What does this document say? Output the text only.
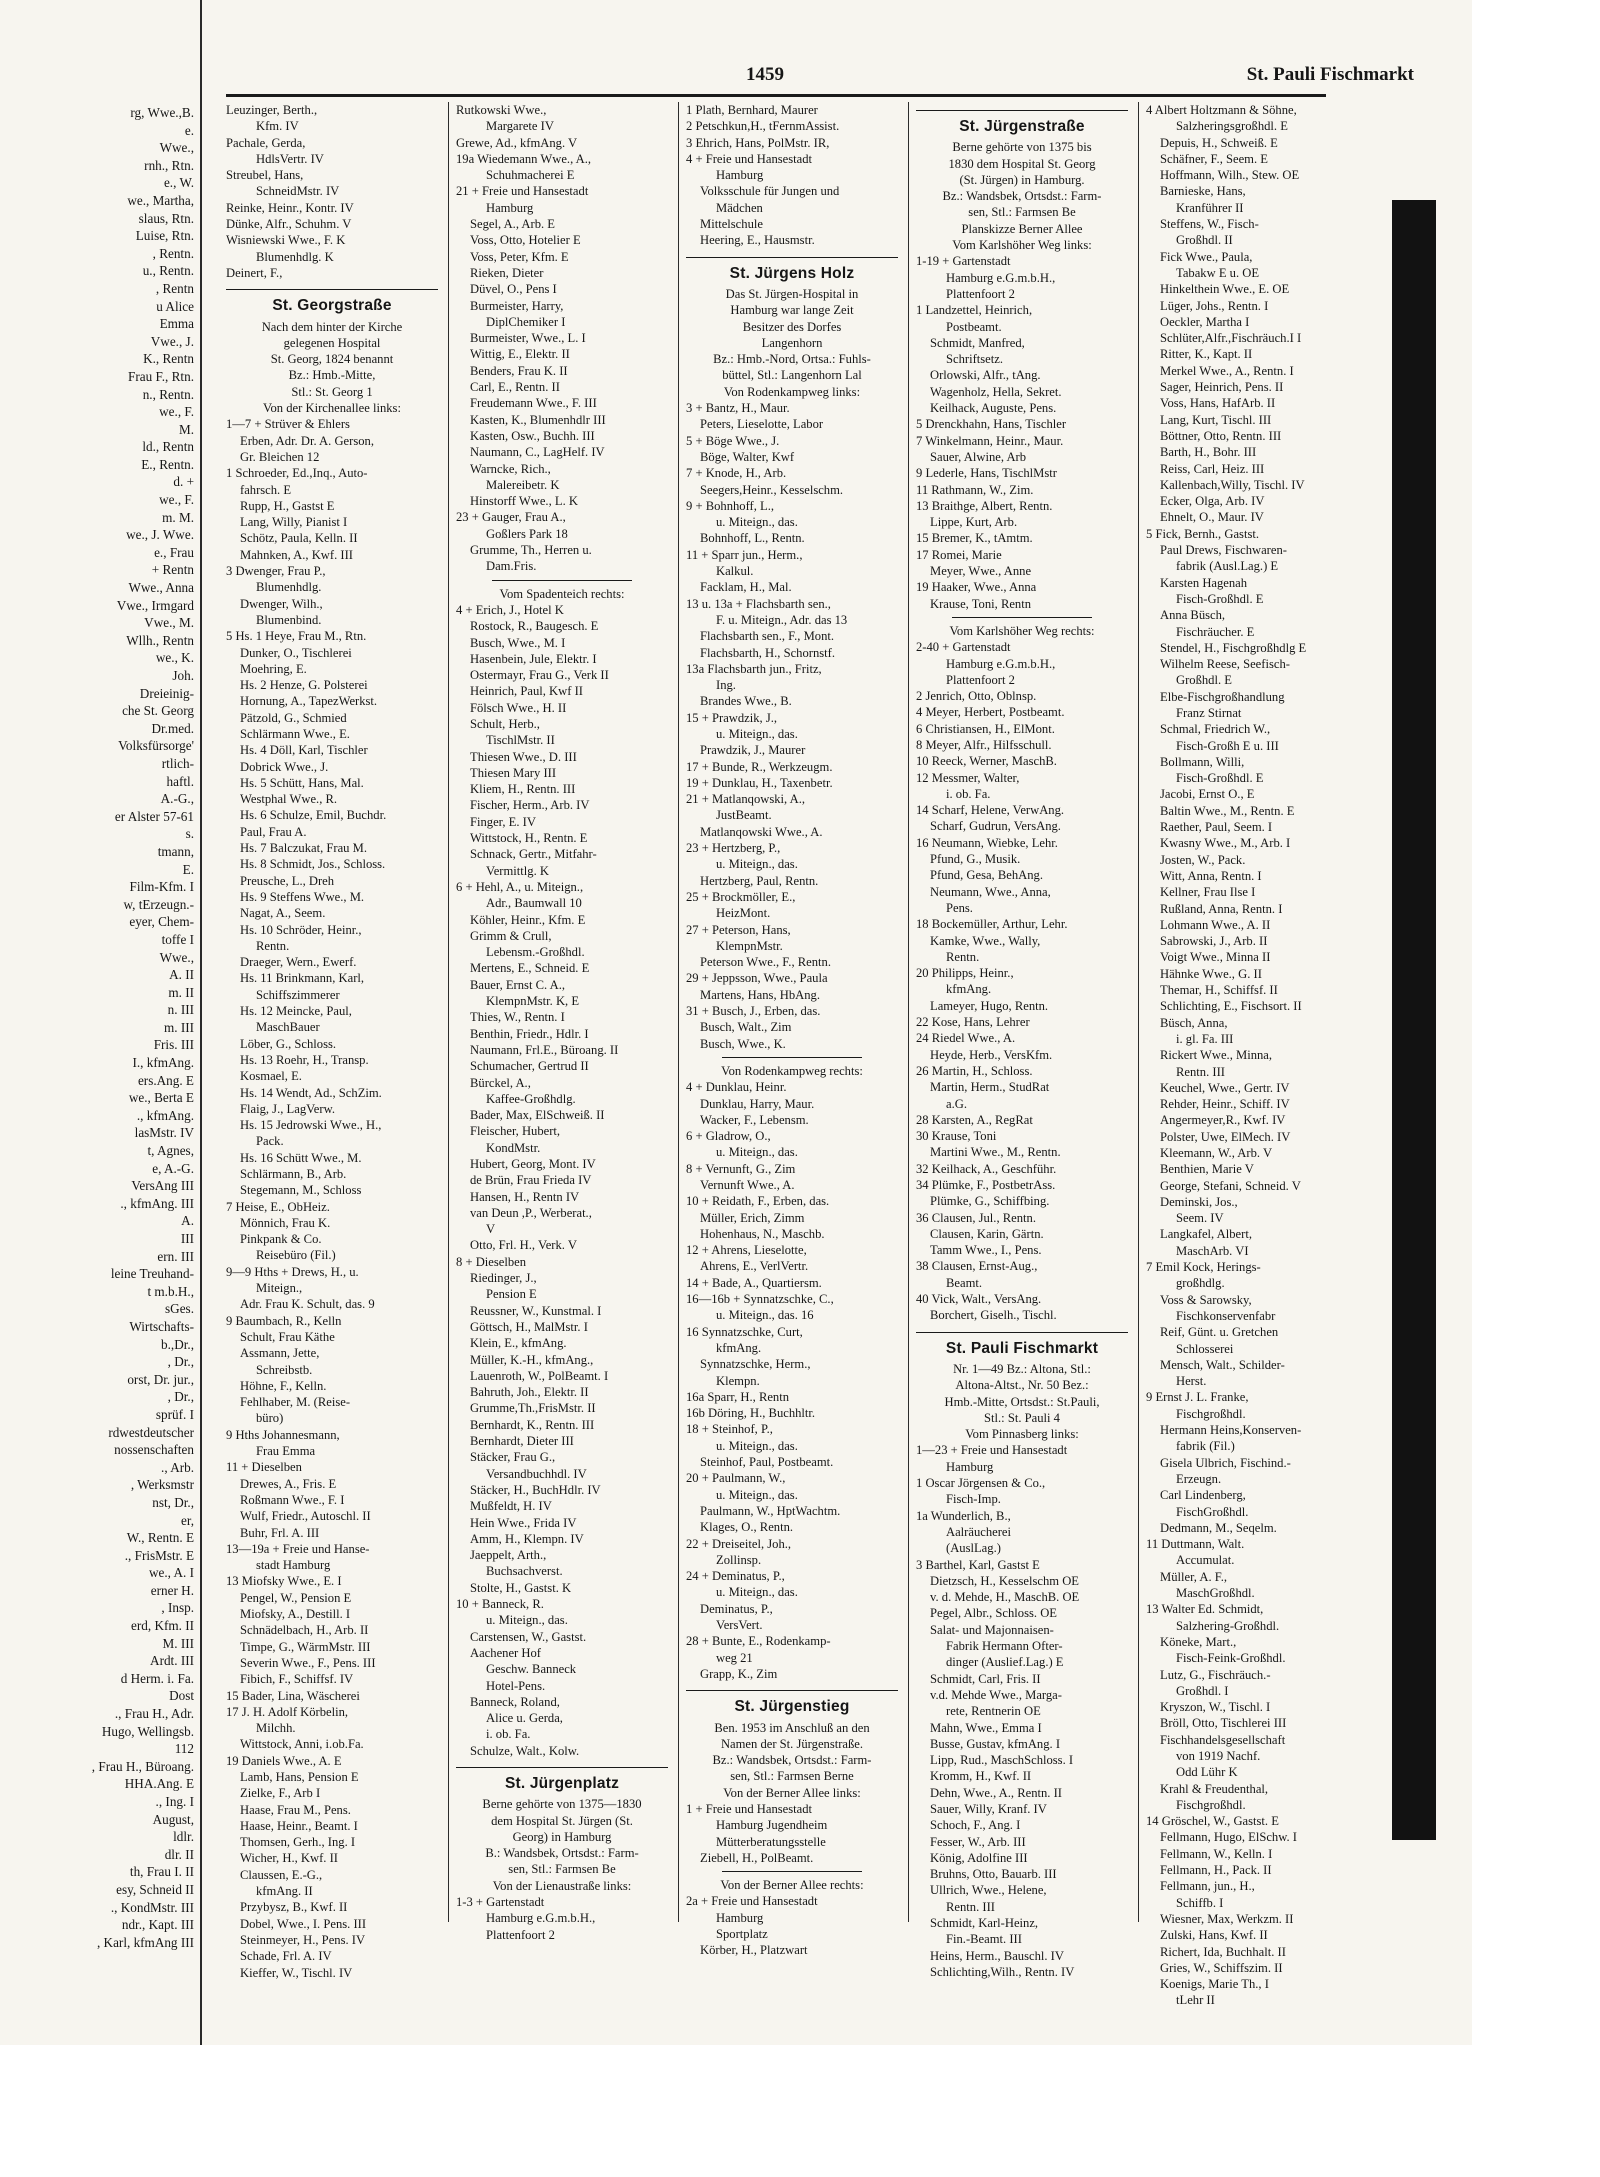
rg, Wwe.,B.
e.
Wwe.,
rnh., Rtn.
e., W.
we., Martha,
slaus, Rtn.
Luise, Rtn.
, Rentn.
u., Rentn.
, Rentn
u Alice
Emma
Vwe., J.
K., Rentn
Frau F., Rtn.
n., Rentn.
we., F.
M.
ld., Rentn
E., Rentn.
d. +
we., F.
m. M.
we., J. Wwe.
e., Frau
+ Rentn
Wwe., Anna
Vwe., Irmgard
Vwe., M.
Wllh., Rentn
we., K.
Joh.
Dreieinig-
che St. Georg
Dr.med.
Volksfürsorge'
rtlich-
haftl.
A.-G.,
er Alster 57-61
s.
tmann,
E.
Film-Kfm. I
w, tErzeugn.-
eyer, Chem-
toffe I
Wwe.,
A. II
m. II
n. III
m. III
Fris. III
I., kfmAng.
ers.Ang. E
we., Berta E
., kfmAng.
lasMstr. IV
t, Agnes,
e, A.-G.
VersAng III
., kfmAng. III
A.
III
ern. III
leine Treuhand-
t m.b.H.,
sGes.
Wirtschafts-
b.,Dr.,
, Dr.,
orst, Dr. jur.,
, Dr.,
sprüf. I
rdwestdeutscher
nossenschaften
., Arb.
, Werksmstr
nst, Dr.,
er,
W., Rentn. E
., FrisMstr. E
we., A. I
erner H.
, Insp.
erd, Kfm. II
M. III
Ardt. III
d Herm. i. Fa.
Dost
., Frau H., Adr.
Hugo, Wellingsb.
112
, Frau H., Büroang.
HHA.Ang. E
., Ing. I
August,
ldlr.
dlr. II
th, Frau I. II
esy, Schneid II
., KondMstr. III
ndr., Kapt. III
, Karl, kfmAng III
1459	St. Pauli Fischmarkt
Leuzinger, Berth.,
Kfm. IV
Pachale, Gerda,
HdlsVertr. IV
Streubel, Hans,
SchneidMstr. IV
Reinke, Heinr., Kontr. IV
Dünke, Alfr., Schuhm. V
Wisniewski Wwe., F. K
Blumenhdlg. K
Deinert, F.,
St. Georgstraße
Nach dem hinter der Kirche
gelegenen Hospital
St. Georg, 1824 benannt
Bz.: Hmb.-Mitte,
Stl.: St. Georg 1
Von der Kirchenallee links:
1—7 + Strüver & Ehlers
Erben, Adr. Dr. A. Gerson,
Gr. Bleichen 12
1 Schroeder, Ed.,Inq., Auto-
fahrsch. E
Rupp, H., Gastst E
Lang, Willy, Pianist I
Schötz, Paula, Kelln. II
Mahnken, A., Kwf. III
3 Dwenger, Frau P.,
Blumenhdlg.
Dwenger, Wilh.,
Blumenbind.
5 Hs. 1 Heye, Frau M., Rtn.
Dunker, O., Tischlerei
Moehring, E.
Hs. 2 Henze, G. Polsterei
Hornung, A., TapezWerkst.
Pätzold, G., Schmied
Schlärmann Wwe., E.
Hs. 4 Döll, Karl, Tischler
Dobrick Wwe., J.
Hs. 5 Schütt, Hans, Mal.
Westphal Wwe., R.
Hs. 6 Schulze, Emil, Buchdr.
Paul, Frau A.
Hs. 7 Balczukat, Frau M.
Hs. 8 Schmidt, Jos., Schloss.
Preusche, L., Dreh
Hs. 9 Steffens Wwe., M.
Nagat, A., Seem.
Hs. 10 Schröder, Heinr.,
Rentn.
Draeger, Wern., Ewerf.
Hs. 11 Brinkmann, Karl,
Schiffszimmerer
Hs. 12 Meincke, Paul,
MaschBauer
Löber, G., Schloss.
Hs. 13 Roehr, H., Transp.
Kosmael, E.
Hs. 14 Wendt, Ad., SchZim.
Flaig, J., LagVerw.
Hs. 15 Jedrowski Wwe., H.,
Pack.
Hs. 16 Schütt Wwe., M.
Schlärmann, B., Arb.
Stegemann, M., Schloss
7 Heise, E., ObHeiz.
Mönnich, Frau K.
Pinkpank & Co.
Reisebüro (Fil.)
9—9 Hths + Drews, H., u.
Miteign.,
Adr. Frau K. Schult, das. 9
9 Baumbach, R., Kelln
Schult, Frau Käthe
Assmann, Jette,
Schreibstb.
Höhne, F., Kelln.
Fehlhaber, M. (Reise-
büro)
9 Hths Johannesmann,
Frau Emma
11 + Dieselben
Drewes, A., Fris. E
Roßmann Wwe., F. I
Wulf, Friedr., Autoschl. II
Buhr, Frl. A. III
13—19a + Freie und Hanse-
stadt Hamburg
13 Miofsky Wwe., E. I
Pengel, W., Pension E
Miofsky, A., Destill. I
Schnädelbach, H., Arb. II
Timpe, G., WärmMstr. III
Severin Wwe., F., Pens. III
Fibich, F., Schiffsf. IV
15 Bader, Lina, Wäscherei
17 J. H. Adolf Körbelin,
Milchh.
Wittstock, Anni, i.ob.Fa.
19 Daniels Wwe., A. E
Lamb, Hans, Pension E
Zielke, F., Arb I
Haase, Frau M., Pens.
Haase, Heinr., Beamt. I
Thomsen, Gerh., Ing. I
Wicher, H., Kwf. II
Claussen, E.-G.,
kfmAng. II
Przybysz, B., Kwf. II
Dobel, Wwe., I. Pens. III
Steinmeyer, H., Pens. IV
Schade, Frl. A. IV
Kieffer, W., Tischl. IV
Rutkowski Wwe.,
Margarete IV
Grewe, Ad., kfmAng. V
19a Wiedemann Wwe., A.,
Schuhmacherei E
21 + Freie und Hansestadt
Hamburg
Segel, A., Arb. E
Voss, Otto, Hotelier E
Voss, Peter, Kfm. E
Rieken, Dieter
Düvel, O., Pens I
Burmeister, Harry,
DiplChemiker I
Burmeister, Wwe., L. I
Wittig, E., Elektr. II
Benders, Frau K. II
Carl, E., Rentn. II
Freudemann Wwe., F. III
Kasten, K., Blumenhdlr III
Kasten, Osw., Buchh. III
Naumann, C., LagHelf. IV
Warncke, Rich.,
Malereibetr. K
Hinstorff Wwe., L. K
23 + Gauger, Frau A.,
Goßlers Park 18
Grumme, Th., Herren u.
Dam.Fris.
Vom Spadenteich rechts:
4 + Erich, J., Hotel K
Rostock, R., Baugesch. E
Busch, Wwe., M. I
Hasenbein, Jule, Elektr. I
Ostermayr, Frau G., Verk II
Heinrich, Paul, Kwf II
Fölsch Wwe., H. II
Schult, Herb.,
TischlMstr. II
Thiesen Wwe., D. III
Thiesen Mary III
Kliem, H., Rentn. III
Fischer, Herm., Arb. IV
Finger, E. IV
Wittstock, H., Rentn. E
Schnack, Gertr., Mitfahr-
Vermittlg. K
6 + Hehl, A., u. Miteign.,
Adr., Baumwall 10
Köhler, Heinr., Kfm. E
Grimm & Crull,
Lebensm.-Großhdl.
Mertens, E., Schneid. E
Bauer, Ernst C. A.,
KlempnMstr. K, E
Thies, W., Rentn. I
Benthin, Friedr., Hdlr. I
Naumann, Frl.E., Büroang. II
Schumacher, Gertrud II
Bürckel, A.,
Kaffee-Großhdlg.
Bader, Max, ElSchweiß. II
Fleischer, Hubert,
KondMstr.
Hubert, Georg, Mont. IV
de Brün, Frau Frieda IV
Hansen, H., Rentn IV
van Deun ,P., Werberat.,
V
Otto, Frl. H., Verk. V
8 + Dieselben
Riedinger, J.,
Pension E
Reussner, W., Kunstmal. I
Göttsch, H., MalMstr. I
Klein, E., kfmAng.
Müller, K.-H., kfmAng.,
Lauenroth, W., PolBeamt. I
Bahruth, Joh., Elektr. II
Grumme,Th.,FrisMstr. II
Bernhardt, K., Rentn. III
Bernhardt, Dieter III
Stäcker, Frau G.,
Versandbuchhdl. IV
Stäcker, H., BuchHdlr. IV
Mußfeldt, H. IV
Hein Wwe., Frida IV
Amm, H., Klempn. IV
Jaeppelt, Arth.,
Buchsachverst.
Stolte, H., Gastst. K
10 + Banneck, R.
u. Miteign., das.
Carstensen, W., Gastst.
Aachener Hof
Geschw. Banneck
Hotel-Pens.
Banneck, Roland,
Alice u. Gerda,
i. ob. Fa.
Schulze, Walt., Kolw.
St. Jürgenplatz
Berne gehörte von 1375—1830
dem Hospital St. Jürgen (St.
Georg) in Hamburg
B.: Wandsbek, Ortsdst.: Farm-
sen, Stl.: Farmsen Be
Von der Lienaustraße links:
1-3 + Gartenstadt
Hamburg e.G.m.b.H.,
Plattenfoort 2
1 Plath, Bernhard, Maurer
2 Petschkun,H., tFernmAssist.
3 Ehrich, Hans, PolMstr. IR,
4 + Freie und Hansestadt
Hamburg
Volksschule für Jungen und
Mädchen
Mittelschule
Heering, E., Hausmstr.
St. Jürgens Holz
Das St. Jürgen-Hospital in
Hamburg war lange Zeit
Besitzer des Dorfes
Langenhorn
Bz.: Hmb.-Nord, Ortsa.: Fuhls-
büttel, Stl.: Langenhorn Lal
Von Rodenkampweg links:
3 + Bantz, H., Maur.
Peters, Lieselotte, Labor
5 + Böge Wwe., J.
Böge, Walter, Kwf
7 + Knode, H., Arb.
Seegers,Heinr., Kesselschm.
9 + Bohnhoff, L.,
u. Miteign., das.
Bohnhoff, L., Rentn.
11 + Sparr jun., Herm.,
Kalkul.
Facklam, H., Mal.
13 u. 13a + Flachsbarth sen.,
F. u. Miteign., Adr. das 13
Flachsbarth sen., F., Mont.
Flachsbarth, H., Schornstf.
13a Flachsbarth jun., Fritz,
Ing.
Brandes Wwe., B.
15 + Prawdzik, J.,
u. Miteign., das.
Prawdzik, J., Maurer
17 + Bunde, R., Werkzeugm.
19 + Dunklau, H., Taxenbetr.
21 + Matlanqowski, A.,
JustBeamt.
Matlanqowski Wwe., A.
23 + Hertzberg, P.,
u. Miteign., das.
Hertzberg, Paul, Rentn.
25 + Brockmöller, E.,
HeizMont.
27 + Peterson, Hans,
KlempnMstr.
Peterson Wwe., F., Rentn.
29 + Jeppsson, Wwe., Paula
Martens, Hans, HbAng.
31 + Busch, J., Erben, das.
Busch, Walt., Zim
Busch, Wwe., K.
Von Rodenkampweg rechts:
4 + Dunklau, Heinr.
Dunklau, Harry, Maur.
Wacker, F., Lebensm.
6 + Gladrow, O.,
u. Miteign., das.
8 + Vernunft, G., Zim
Vernunft Wwe., A.
10 + Reidath, F., Erben, das.
Müller, Erich, Zimm
Hohenhaus, N., Maschb.
12 + Ahrens, Lieselotte,
Ahrens, E., VerlVertr.
14 + Bade, A., Quartiersm.
16—16b + Synnatzschke, C.,
u. Miteign., das. 16
16 Synnatzschke, Curt,
kfmAng.
Synnatzschke, Herm.,
Klempn.
16a Sparr, H., Rentn
16b Döring, H., Buchhltr.
18 + Steinhof, P.,
u. Miteign., das.
Steinhof, Paul, Postbeamt.
20 + Paulmann, W.,
u. Miteign., das.
Paulmann, W., HptWachtm.
Klages, O., Rentn.
22 + Dreiseitel, Joh.,
Zollinsp.
24 + Deminatus, P.,
u. Miteign., das.
Deminatus, P.,
VersVert.
28 + Bunte, E., Rodenkamp-
weg 21
Grapp, K., Zim
St. Jürgenstieg
Ben. 1953 im Anschluß an den
Namen der St. Jürgenstraße.
Bz.: Wandsbek, Ortsdst.: Farm-
sen, Stl.: Farmsen Berne
Von der Berner Allee links:
1 + Freie und Hansestadt
Hamburg Jugendheim
Mütterberatungsstelle
Ziebell, H., PolBeamt.
Von der Berner Allee rechts:
2a + Freie und Hansestadt
Hamburg
Sportplatz
Körber, H., Platzwart
St. Jürgenstraße
Berne gehörte von 1375 bis
1830 dem Hospital St. Georg
(St. Jürgen) in Hamburg.
Bz.: Wandsbek, Ortsdst.: Farm-
sen, Stl.: Farmsen Be
Planskizze Berner Allee
Vom Karlshöher Weg links:
1-19 + Gartenstadt
Hamburg e.G.m.b.H.,
Plattenfoort 2
1 Landzettel, Heinrich,
Postbeamt.
Schmidt, Manfred,
Schriftsetz.
Orlowski, Alfr., tAng.
Wagenholz, Hella, Sekret.
Keilhack, Auguste, Pens.
5 Drenckhahn, Hans, Tischler
7 Winkelmann, Heinr., Maur.
Sauer, Alwine, Arb
9 Lederle, Hans, TischlMstr
11 Rathmann, W., Zim.
13 Braithge, Albert, Rentn.
Lippe, Kurt, Arb.
15 Bremer, K., tAmtm.
17 Romei, Marie
Meyer, Wwe., Anne
19 Haaker, Wwe., Anna
Krause, Toni, Rentn
Vom Karlshöher Weg rechts:
2-40 + Gartenstadt
Hamburg e.G.m.b.H.,
Plattenfoort 2
2 Jenrich, Otto, Oblnsp.
4 Meyer, Herbert, Postbeamt.
6 Christiansen, H., ElMont.
8 Meyer, Alfr., Hilfsschull.
10 Reeck, Werner, MaschB.
12 Messmer, Walter,
i. ob. Fa.
14 Scharf, Helene, VerwAng.
Scharf, Gudrun, VersAng.
16 Neumann, Wiebke, Lehr.
Pfund, G., Musik.
Pfund, Gesa, BehAng.
Neumann, Wwe., Anna,
Pens.
18 Bockemüller, Arthur, Lehr.
Kamke, Wwe., Wally,
Rentn.
20 Philipps, Heinr.,
kfmAng.
Lameyer, Hugo, Rentn.
22 Kose, Hans, Lehrer
24 Riedel Wwe., A.
Heyde, Herb., VersKfm.
26 Martin, H., Schloss.
Martin, Herm., StudRat
a.G.
28 Karsten, A., RegRat
30 Krause, Toni
Martini Wwe., M., Rentn.
32 Keilhack, A., Geschführ.
34 Plümke, F., PostbetrAss.
Plümke, G., Schiffbing.
36 Clausen, Jul., Rentn.
Clausen, Karin, Gärtn.
Tamm Wwe., I., Pens.
38 Clausen, Ernst-Aug.,
Beamt.
40 Vick, Walt., VersAng.
Borchert, Giselh., Tischl.
St. Pauli Fischmarkt
Nr. 1—49 Bz.: Altona, Stl.:
Altona-Altst., Nr. 50 Bez.:
Hmb.-Mitte, Ortsdst.: St.Pauli,
Stl.: St. Pauli 4
Vom Pinnasberg links:
1—23 + Freie und Hansestadt
Hamburg
1 Oscar Jörgensen & Co.,
Fisch-Imp.
1a Wunderlich, B.,
Aalräucherei
(AuslLag.)
3 Barthel, Karl, Gastst E
Dietzsch, H., Kesselschm OE
v. d. Mehde, H., MaschB. OE
Pegel, Albr., Schloss. OE
Salat- und Majonnaisen-
Fabrik Hermann Ofter-
dinger (Auslief.Lag.) E
Schmidt, Carl, Fris. II
v.d. Mehde Wwe., Marga-
rete, Rentnerin OE
Mahn, Wwe., Emma I
Busse, Gustav, kfmAng. I
Lipp, Rud., MaschSchloss. I
Kromm, H., Kwf. II
Dehn, Wwe., A., Rentn. II
Sauer, Willy, Kranf. IV
Schoch, F., Ang. I
Fesser, W., Arb. III
König, Adolfine III
Bruhns, Otto, Bauarb. III
Ullrich, Wwe., Helene,
Rentn. III
Schmidt, Karl-Heinz,
Fin.-Beamt. III
Heins, Herm., Bauschl. IV
Schlichting,Wilh., Rentn. IV
4 Albert Holtzmann & Söhne,
Salzheringsgroßhdl. E
Depuis, H., Schweiß. E
Schäfner, F., Seem. E
Hoffmann, Wilh., Stew. OE
Barnieske, Hans,
Kranführer II
Steffens, W., Fisch-
Großhdl. II
Fick Wwe., Paula,
Tabakw E u. OE
Hinkelthein Wwe., E. OE
Lüger, Johs., Rentn. I
Oeckler, Martha I
Schlüter,Alfr.,Fischräuch.I I
Ritter, K., Kapt. II
Merkel Wwe., A., Rentn. I
Sager, Heinrich, Pens. II
Voss, Hans, HafArb. II
Lang, Kurt, Tischl. III
Böttner, Otto, Rentn. III
Barth, H., Bohr. III
Reiss, Carl, Heiz. III
Kallenbach,Willy, Tischl. IV
Ecker, Olga, Arb. IV
Ehnelt, O., Maur. IV
5 Fick, Bernh., Gastst.
Paul Drews, Fischwaren-
fabrik (Ausl.Lag.) E
Karsten Hagenah
Fisch-Großhdl. E
Anna Büsch,
Fischräucher. E
Stendel, H., Fischgroßhdlg E
Wilhelm Reese, Seefisch-
Großhdl. E
Elbe-Fischgroßhandlung
Franz Stirnat
Schmal, Friedrich W.,
Fisch-Großh E u. III
Bollmann, Willi,
Fisch-Großhdl. E
Jacobi, Ernst O., E
Baltin Wwe., M., Rentn. E
Raether, Paul, Seem. I
Kwasny Wwe., M., Arb. I
Josten, W., Pack.
Witt, Anna, Rentn. I
Kellner, Frau Ilse I
Rußland, Anna, Rentn. I
Lohmann Wwe., A. II
Sabrowski, J., Arb. II
Voigt Wwe., Minna II
Hähnke Wwe., G. II
Themar, H., Schiffsf. II
Schlichting, E., Fischsort. II
Büsch, Anna,
i. gl. Fa. III
Rickert Wwe., Minna,
Rentn. III
Keuchel, Wwe., Gertr. IV
Rehder, Heinr., Schiff. IV
Angermeyer,R., Kwf. IV
Polster, Uwe, ElMech. IV
Kleemann, W., Arb. V
Benthien, Marie V
George, Stefani, Schneid. V
Deminski, Jos.,
Seem. IV
Langkafel, Albert,
MaschArb. VI
7 Emil Kock, Herings-
großhdlg.
Voss & Sarowsky,
Fischkonservenfabr
Reif, Günt. u. Gretchen
Schlosserei
Mensch, Walt., Schilder-
Herst.
9 Ernst J. L. Franke,
Fischgroßhdl.
Hermann Heins,Konserven-
fabrik (Fil.)
Gisela Ulbrich, Fischind.-
Erzeugn.
Carl Lindenberg,
FischGroßhdl.
Dedmann, M., Seqelm.
11 Duttmann, Walt.
Accumulat.
Müller, A. F.,
MaschGroßhdl.
13 Walter Ed. Schmidt,
Salzhering-Großhdl.
Köneke, Mart.,
Fisch-Feink-Großhdl.
Lutz, G., Fischräuch.-
Großhdl. I
Kryszon, W., Tischl. I
Bröll, Otto, Tischlerei III
Fischhandelsgesellschaft
von 1919 Nachf.
Odd Lühr K
Krahl & Freudenthal,
Fischgroßhdl.
14 Gröschel, W., Gastst. E
Fellmann, Hugo, ElSchw. I
Fellmann, W., Kelln. I
Fellmann, H., Pack. II
Fellmann, jun., H.,
Schiffb. I
Wiesner, Max, Werkzm. II
Zulski, Hans, Kwf. II
Richert, Ida, Buchhalt. II
Gries, W., Schiffszim. II
Koenigs, Marie Th., I
tLehr II
